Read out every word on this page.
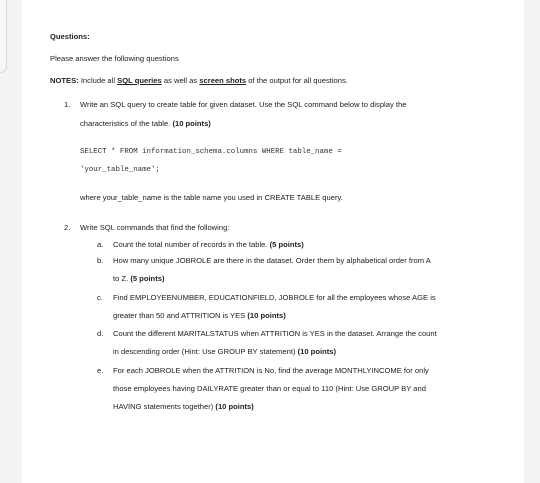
Questions:
Please answer the following questions
NOTES: Include all SQL queries as well as screen shots of the output for all questions.
1. Write an SQL query to create table for given dataset. Use the SQL command below to display the
characteristics of the table. (10 points)
SELECT * FROM information_schema.columns WHERE table_name =
'your_table_name';
where your_table_name is the table name you used in CREATE TABLE query.
2. Write SQL commands that find the following:
a. Count the total number of records in the table. (5 points)
b. How many unique JOBROLE are there in the dataset. Order them by alphabetical order from A
to Z. (5 points)
c. Find EMPLOYEENUMBER, EDUCATIONFIELD, JOBROLE for all the employees whose AGE is
greater than 50 and ATTRITION is YES (10 points)
d. Count the different MARITALSTATUS when ATTRITION is YES in the dataset. Arrange the count
in descending order (Hint: Use GROUP BY statement) (10 points)
e. For each JOBROLE when the ATTRITION is No, find the average MONTHLYINCOME for only
those employees having DAILYRATE greater than or equal to 110 (Hint: Use GROUP BY and
HAVING statements together) (10 points)
